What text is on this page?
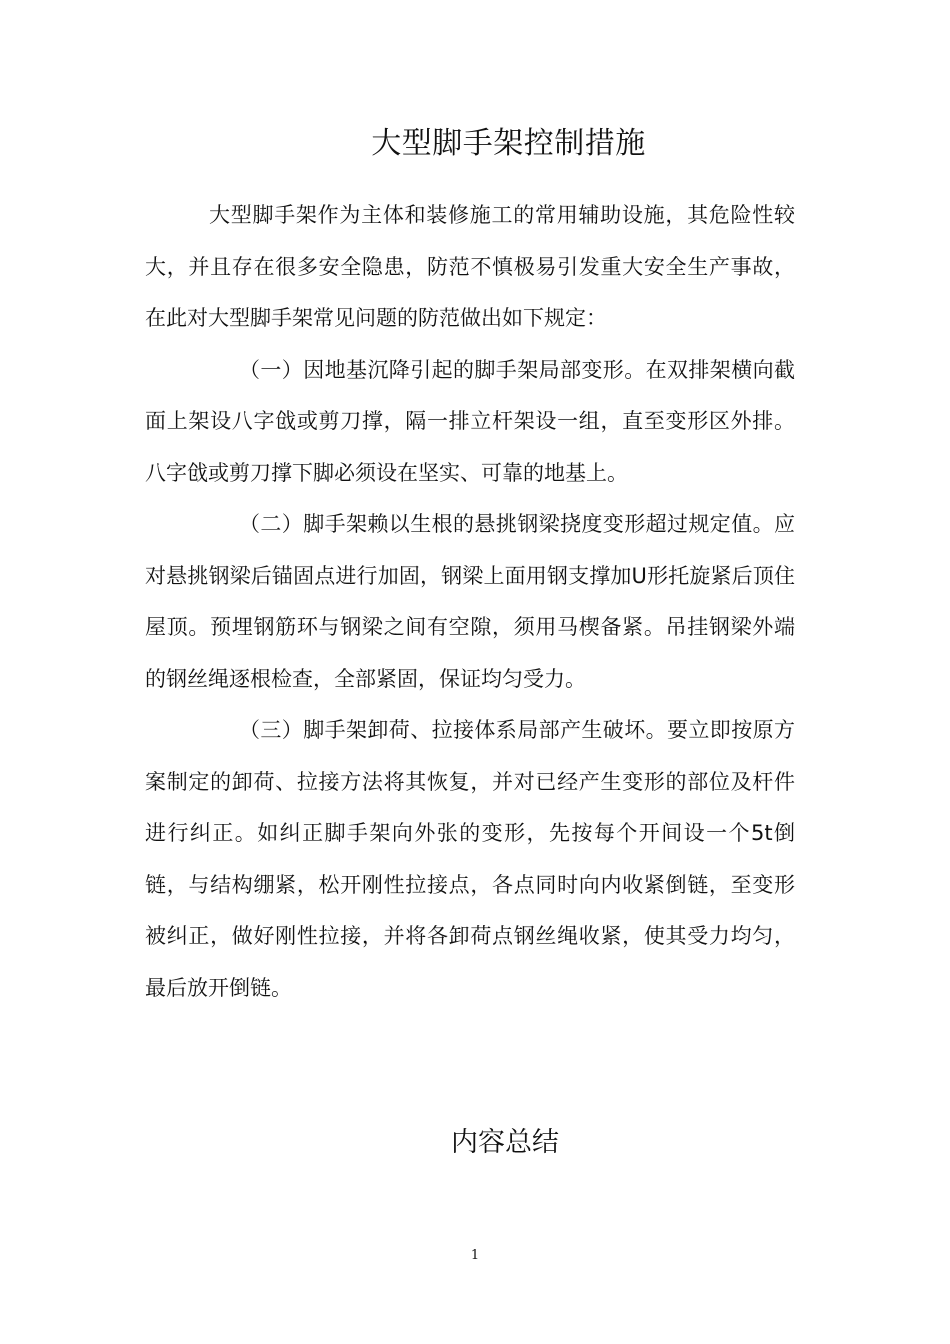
大型脚手架控制措施

大型脚手架作为主体和装修施工的常用辅助设施，其危险性较大，并且存在很多安全隐患，防范不慎极易引发重大安全生产事故，在此对大型脚手架常见问题的防范做出如下规定：

（一）因地基沉降引起的脚手架局部变形。在双排架横向截面上架设八字戗或剪刀撑，隔一排立杆架设一组，直至变形区外排。八字戗或剪刀撑下脚必须设在坚实、可靠的地基上。

（二）脚手架赖以生根的悬挑钢梁挠度变形超过规定值。应对悬挑钢梁后锚固点进行加固，钢梁上面用钢支撑加U形托旋紧后顶住屋顶。预埋钢筋环与钢梁之间有空隙，须用马楔备紧。吊挂钢梁外端的钢丝绳逐根检查，全部紧固，保证均匀受力。

（三）脚手架卸荷、拉接体系局部产生破坏。要立即按原方案制定的卸荷、拉接方法将其恢复，并对已经产生变形的部位及杆件进行纠正。如纠正脚手架向外张的变形，先按每个开间设一个5t倒链，与结构绷紧，松开刚性拉接点，各点同时向内收紧倒链，至变形被纠正，做好刚性拉接，并将各卸荷点钢丝绳收紧，使其受力均匀，最后放开倒链。

内容总结
1
